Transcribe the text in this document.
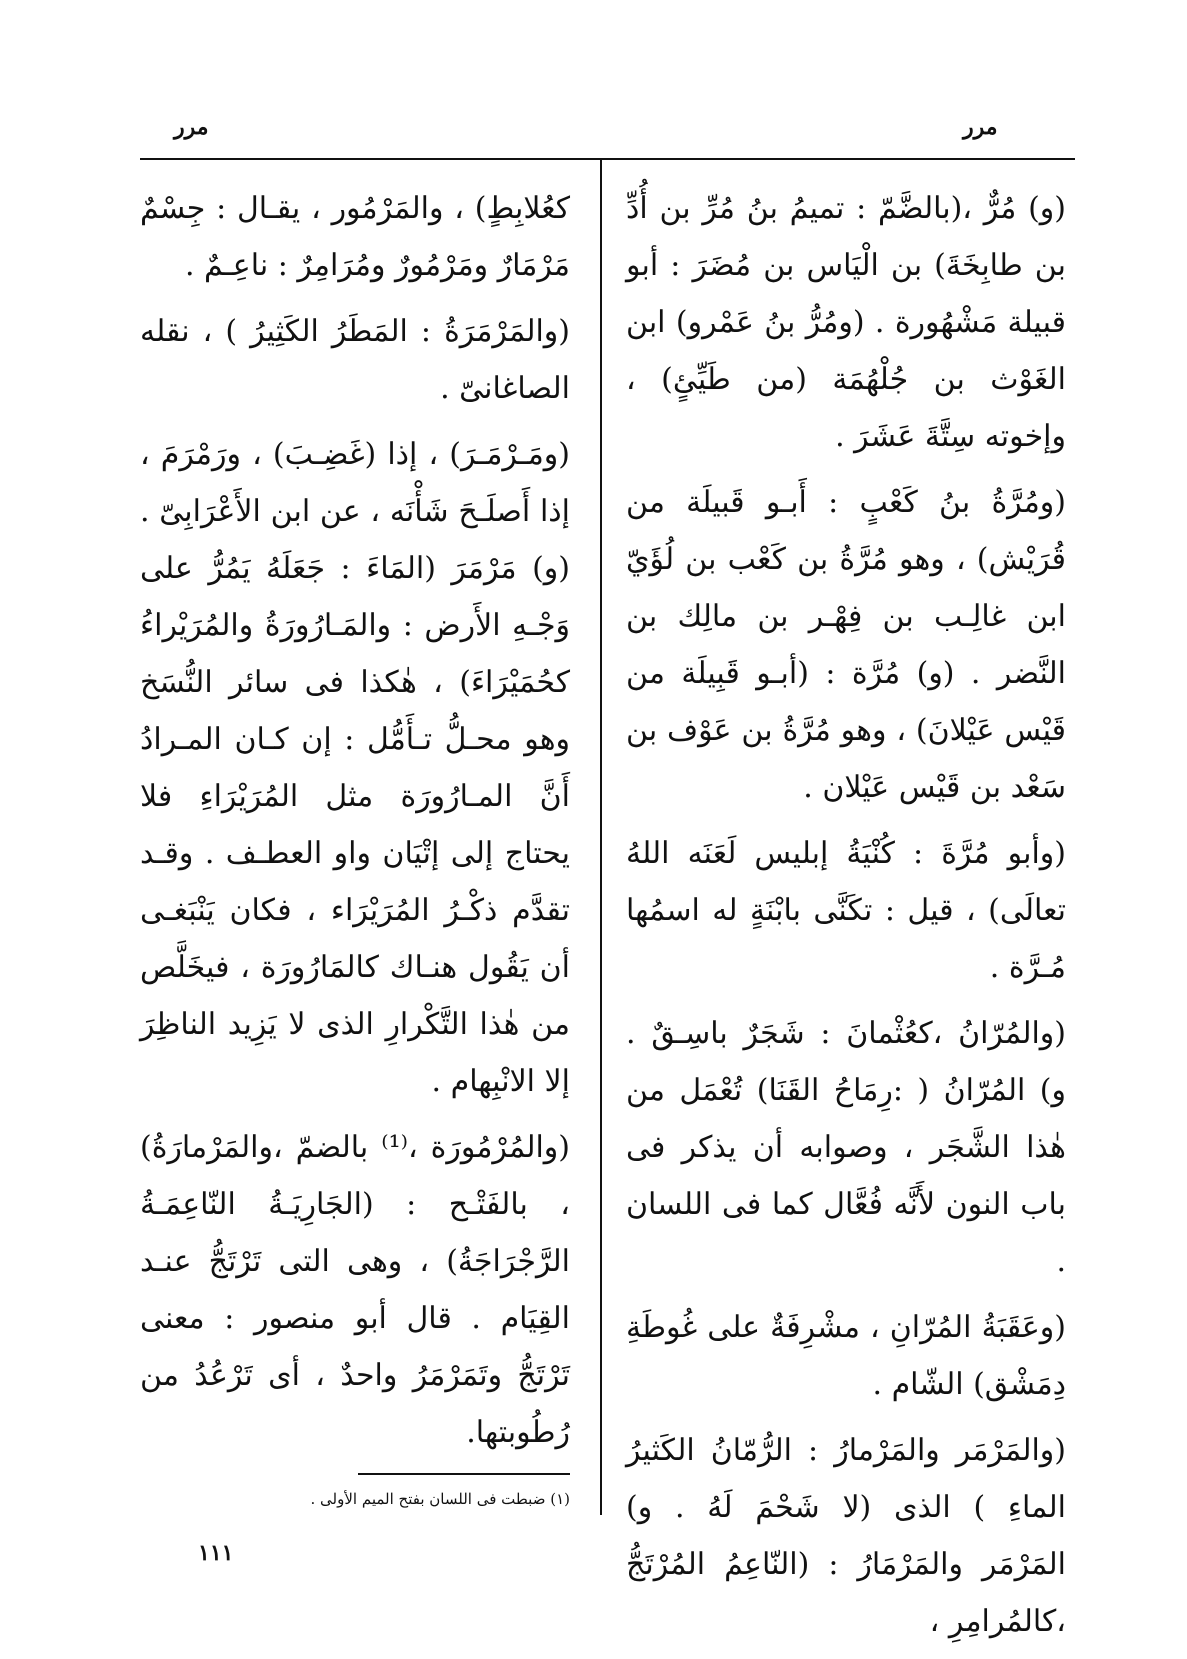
مرر	مرر

(و) مُرٌّ ،(بالضَّمّ : تميمُ بنُ مُرِّ بن أُدِّ بن طابِخَةَ) بن الْيَاس بن مُضَرَ : أبو قبيلة مَشْهُورة . (ومُرُّ بنُ عَمْرو) ابن الغَوْث بن جُلْهُمَة (من طَيِّئٍ) ، وإخوته سِتَّةَ عَشَرَ .

(ومُرَّةُ بنُ كَعْبٍ : أَبـو قَبيلَة من قُرَيْش) ، وهو مُرَّةُ بن كَعْب بن لُؤَيّ ابن غالِـب بن فِهْـر بن مالِك بن النَّضر . (و) مُرَّة : (أبـو قَبِيلَة من قَيْس عَيْلانَ) ، وهو مُرَّةُ بن عَوْف بن سَعْد بن قَيْس عَيْلان .

(وأبو مُرَّةَ : كُنْيَةُ إبليس لَعَنَه اللهُ تعالَى) ، قيل : تكَنَّى بابْنَةٍ له اسمُها مُـرَّة .

(والمُرّانُ ،كعُثْمانَ : شَجَرٌ باسِـقٌ . و) المُرّانُ ( :رِمَاحُ القَنَا) تُعْمَل من هٰذا الشَّجَر ، وصوابه أن يذكر فى باب النون لأَنَّه فُعَّال كما فى اللسان .

(وعَقَبَةُ المُرّانِ ، مشْرِفَةٌ على غُوطَةِ دِمَشْق) الشّام .

(والمَرْمَر والمَرْمارُ : الرُّمّانُ الكَثيرُ الماءِ ) الذى (لا شَحْمَ لَهُ . و) المَرْمَر والمَرْمَارُ : (النّاعِمُ المُرْتَجُّ ،كالمُرامِرِ ،

كعُلابِطٍ) ، والمَرْمُور ، يقـال : جِسْمٌ مَرْمَارٌ ومَرْمُورٌ ومُرَامِرٌ : ناعِـمٌ .

(والمَرْمَرَةُ : المَطَرُ الكَثِيرُ ) ، نقله الصاغانىّ .

(ومَـرْمَـرَ) ، إذا (غَضِـبَ) ، ورَمْرَمَ ، إذا أَصلَـحَ شَأْنَه ، عن ابن الأَعْرَابِىّ . (و) مَرْمَرَ (المَاءَ : جَعَلَهُ يَمُرُّ على وَجْـهِ الأَرض : والمَـارُورَةُ والمُرَيْراءُ كحُمَيْرَاءَ) ، هٰكذا فى سائر النُّسَخ وهو محـلُّ تـأَمُّل : إن كـان المـرادُ أَنَّ المـارُورَة مثل المُرَيْرَاءِ فلا يحتاج إلى إتْيَان واو العطـف . وقـد تقدَّم ذكْـرُ المُرَيْرَاء ، فكان يَنْبَغـى أن يَقُول هنـاك كالمَارُورَة ، فيخَلَّص من هٰذا التَّكْرارِ الذى لا يَزِيد الناظِرَ إلا الانْبِهام .

(والمُرْمُورَة ،⁽¹⁾ بالضمّ ،والمَرْمارَةُ) ، بالفَتْـح : (الجَارِيَـةُ النّاعِمَـةُ الرَّجْرَاجَةُ) ، وهى التى تَرْتَجُّ عنـد القِيَام . قال أبو منصور : معنى تَرْتَجُّ وتَمَرْمَرُ واحدٌ ، أى تَرْعُدُ من رُطُوبتها.

(١) ضبطت فى اللسان بفتح الميم الأولى .
١١١
